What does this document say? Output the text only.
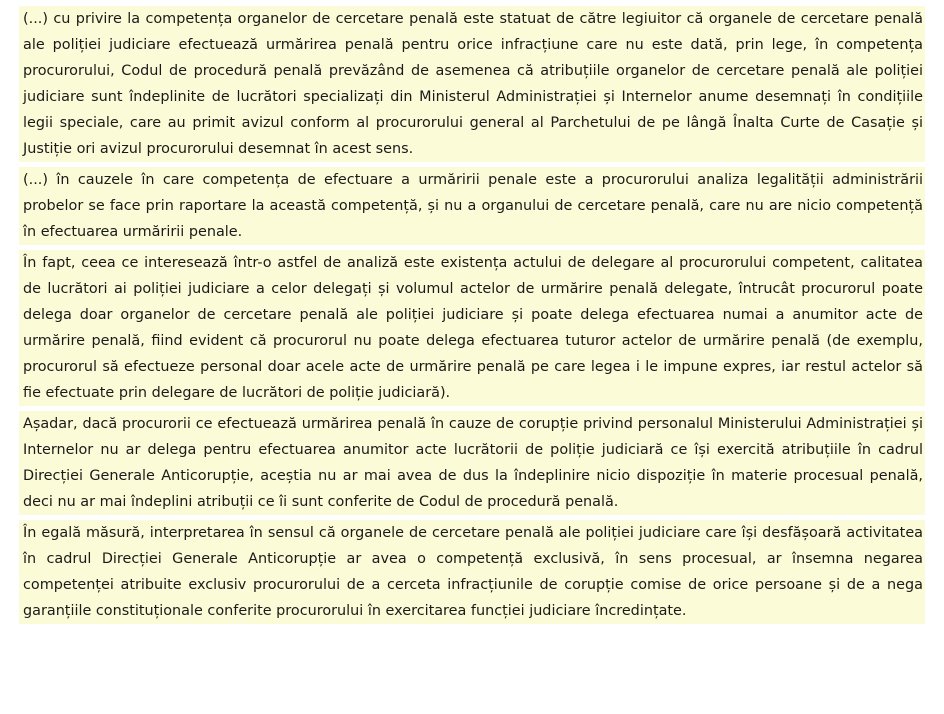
(...) cu privire la competența organelor de cercetare penală este statuat de către legiuitor că organele de cercetare penală ale poliției judiciare efectuează urmărirea penală pentru orice infracțiune care nu este dată, prin lege, în competența procurorului, Codul de procedură penală prevăzând de asemenea că atribuțiile organelor de cercetare penală ale poliției judiciare sunt îndeplinite de lucrători specializați din Ministerul Administrației și Internelor anume desemnați în condițiile legii speciale, care au primit avizul conform al procurorului general al Parchetului de pe lângă Înalta Curte de Casație și Justiție ori avizul procurorului desemnat în acest sens.

(...) în cauzele în care competența de efectuare a urmăririi penale este a procurorului analiza legalității administrării probelor se face prin raportare la această competență, și nu a organului de cercetare penală, care nu are nicio competență în efectuarea urmăririi penale.

În fapt, ceea ce interesează într-o astfel de analiză este existența actului de delegare al procurorului competent, calitatea de lucrători ai poliției judiciare a celor delegați și volumul actelor de urmărire penală delegate, întrucât procurorul poate delega doar organelor de cercetare penală ale poliției judiciare și poate delega efectuarea numai a anumitor acte de urmărire penală, fiind evident că procurorul nu poate delega efectuarea tuturor actelor de urmărire penală (de exemplu, procurorul să efectueze personal doar acele acte de urmărire penală pe care legea i le impune expres, iar restul actelor să fie efectuate prin delegare de lucrători de poliție judiciară).

Așadar, dacă procurorii ce efectuează urmărirea penală în cauze de corupție privind personalul Ministerului Administrației și Internelor nu ar delega pentru efectuarea anumitor acte lucrătorii de poliție judiciară ce își exercită atribuțiile în cadrul Direcției Generale Anticorupție, aceștia nu ar mai avea de dus la îndeplinire nicio dispoziție în materie procesual penală, deci nu ar mai îndeplini atribuții ce îi sunt conferite de Codul de procedură penală.

În egală măsură, interpretarea în sensul că organele de cercetare penală ale poliției judiciare care își desfășoară activitatea în cadrul Direcției Generale Anticorupție ar avea o competență exclusivă, în sens procesual, ar însemna negarea competenței atribuite exclusiv procurorului de a cerceta infracțiunile de corupție comise de orice persoane și de a nega garanțiile constituționale conferite procurorului în exercitarea funcției judiciare încredințate.
